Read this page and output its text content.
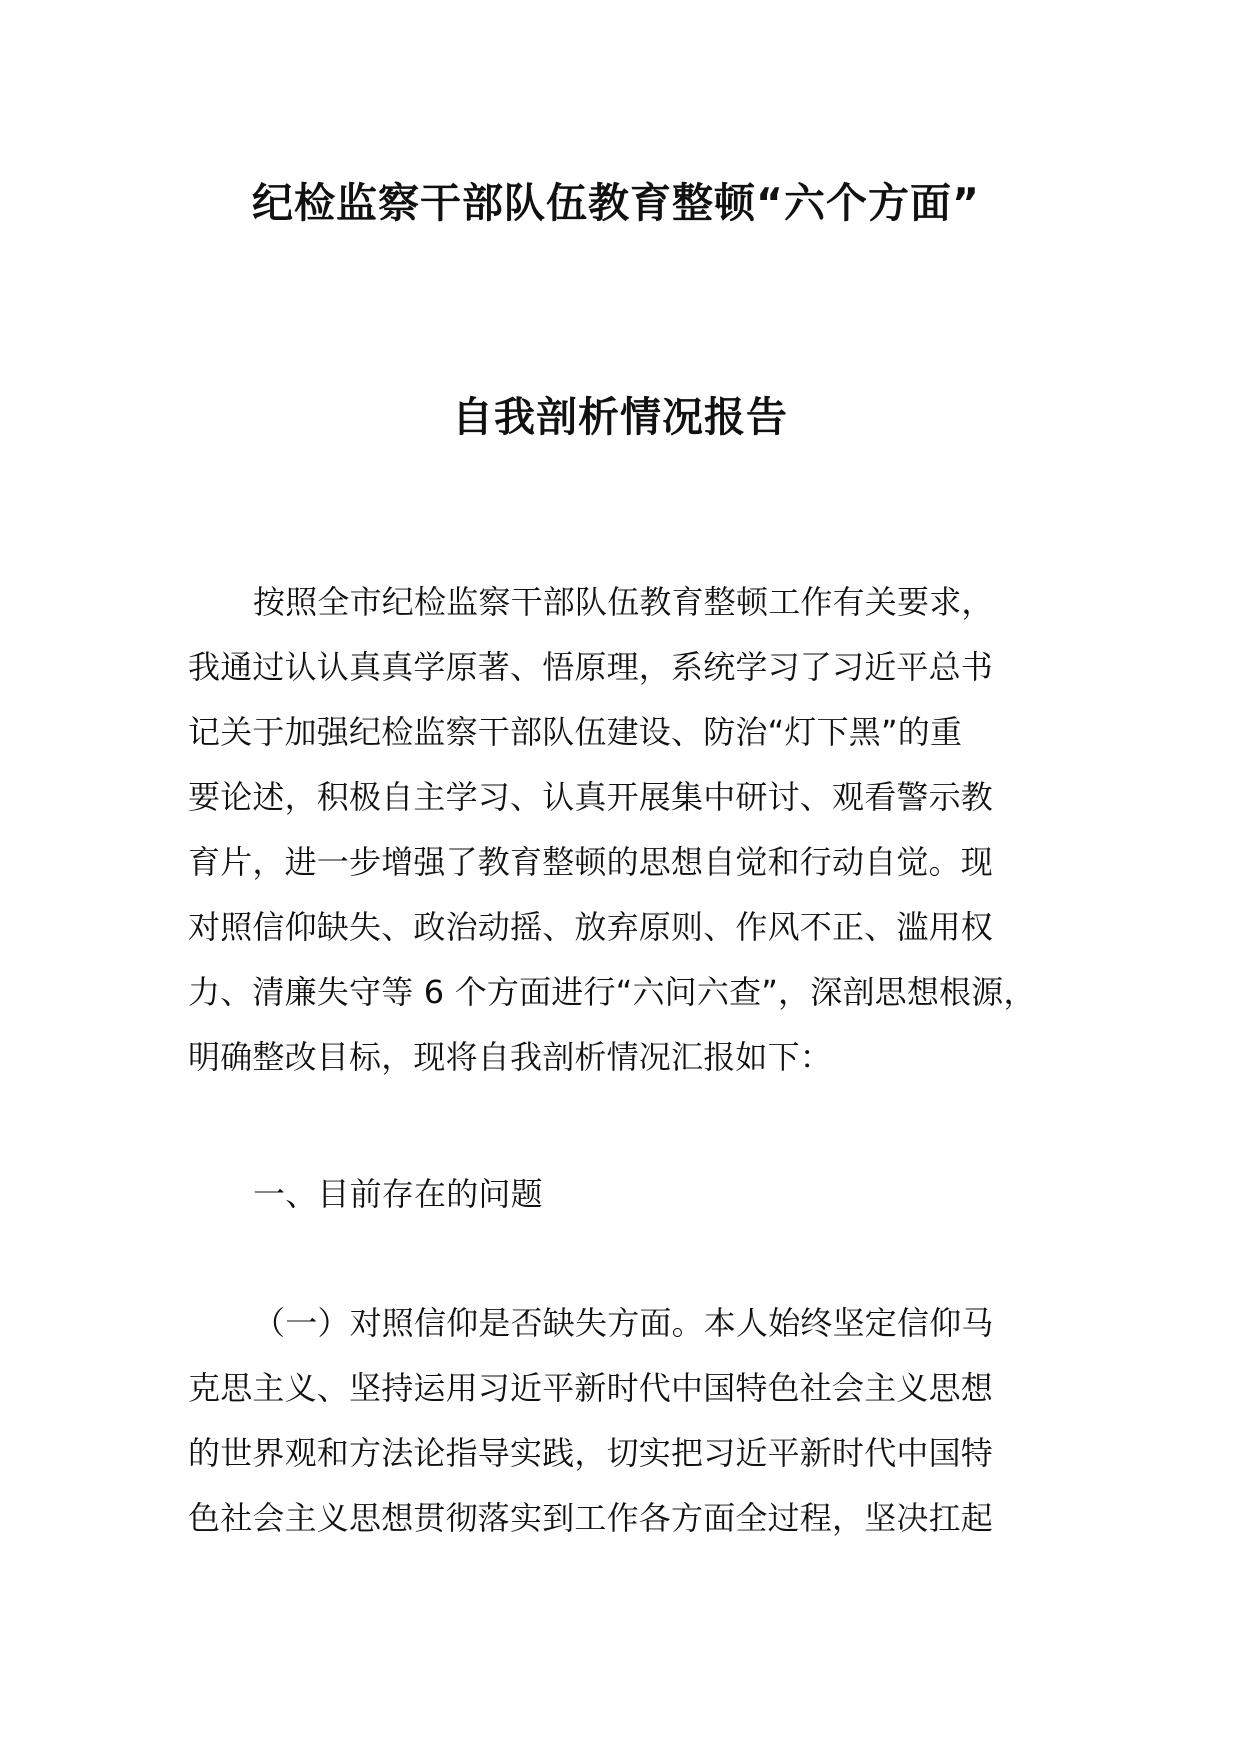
纪检监察干部队伍教育整顿“六个方面”
自我剖析情况报告
按照全市纪检监察干部队伍教育整顿工作有关要求，
我通过认认真真学原著、悟原理，系统学习了习近平总书
记关于加强纪检监察干部队伍建设、防治“灯下黑”的重
要论述，积极自主学习、认真开展集中研讨、观看警示教
育片，进一步增强了教育整顿的思想自觉和行动自觉。现
对照信仰缺失、政治动摇、放弃原则、作风不正、滥用权
力、清廉失守等 6 个方面进行“六问六查”，深剖思想根源，
明确整改目标，现将自我剖析情况汇报如下：
一、目前存在的问题
（一）对照信仰是否缺失方面。本人始终坚定信仰马
克思主义、坚持运用习近平新时代中国特色社会主义思想
的世界观和方法论指导实践，切实把习近平新时代中国特
色社会主义思想贯彻落实到工作各方面全过程，坚决扛起
